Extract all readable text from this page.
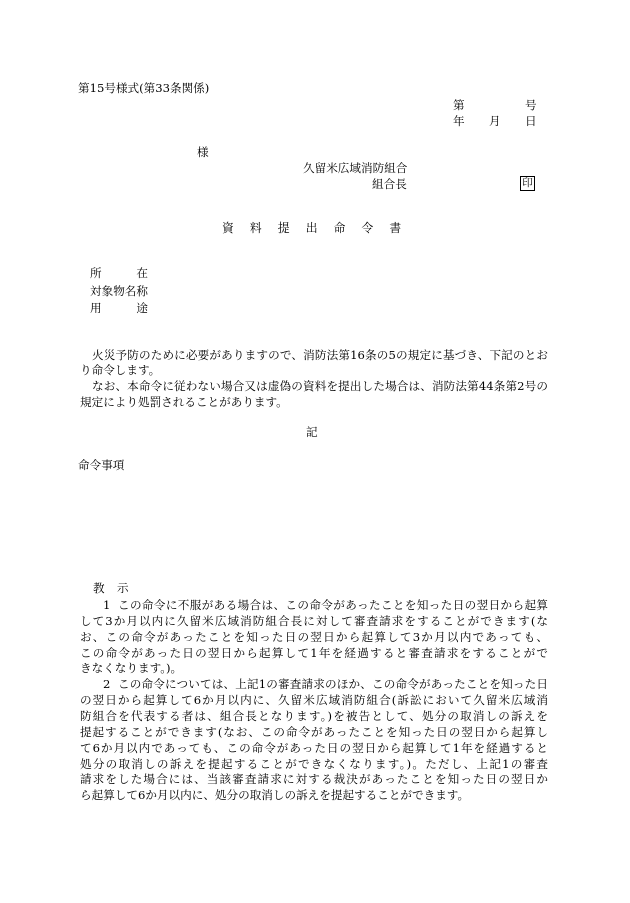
第15号様式(第33条関係)
第	号
年 月 日
様
久留米広域消防組合
組合長	印
資料提出命令書
所在
対象物名称
用途
火災予防のために必要がありますので、消防法第16条の5の規定に基づき、下記のとお
り命令します。
なお、本命令に従わない場合又は虚偽の資料を提出した場合は、消防法第44条第2号の
規定により処罰されることがあります。
記
命令事項
教示
1 この命令に不服がある場合は、この命令があったことを知った日の翌日から起算
して3か月以内に久留米広域消防組合長に対して審査請求をすることができます(な
お、この命令があったことを知った日の翌日から起算して3か月以内であっても、
この命令があった日の翌日から起算して1年を経過すると審査請求をすることがで
きなくなります。)。
2 この命令については、上記1の審査請求のほか、この命令があったことを知った日
の翌日から起算して6か月以内に、久留米広域消防組合(訴訟において久留米広域消
防組合を代表する者は、組合長となります。)を被告として、処分の取消しの訴えを
提起することができます(なお、この命令があったことを知った日の翌日から起算し
て6か月以内であっても、この命令があった日の翌日から起算して1年を経過すると
処分の取消しの訴えを提起することができなくなります。)。ただし、上記1の審査
請求をした場合には、当該審査請求に対する裁決があったことを知った日の翌日か
ら起算して6か月以内に、処分の取消しの訴えを提起することができます。
